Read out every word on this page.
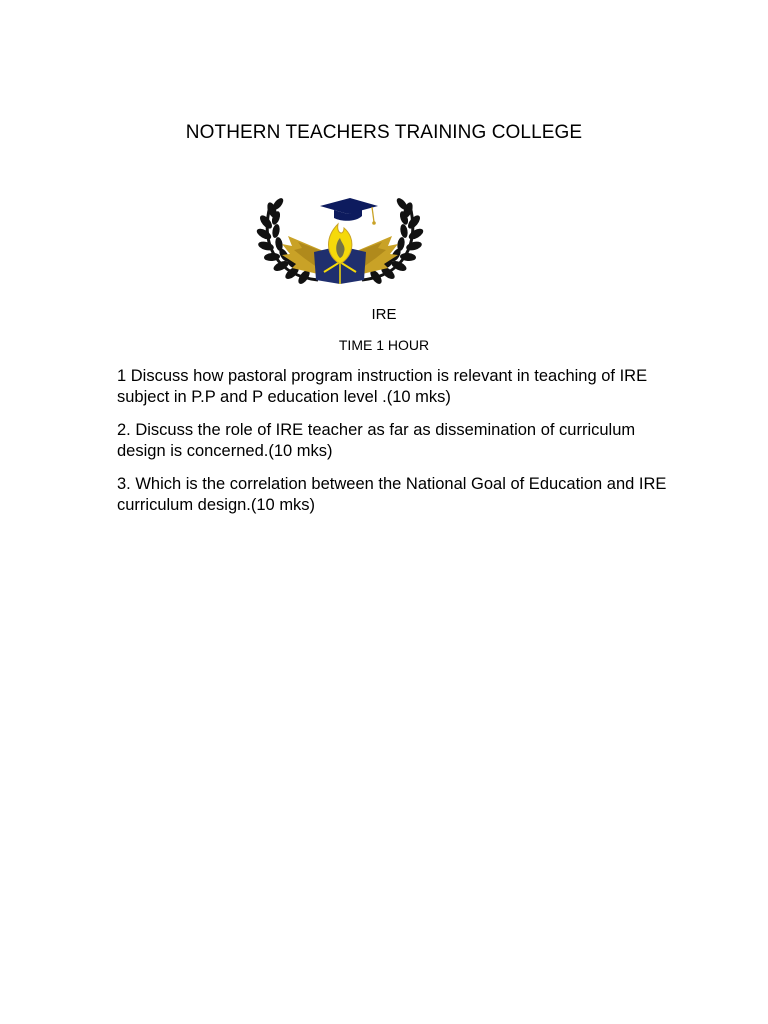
NOTHERN TEACHERS TRAINING COLLEGE
IRE
TIME 1 HOUR

1 Discuss how pastoral program instruction is relevant in teaching of IRE subject in P.P and P education level .(10 mks)

2. Discuss the role of IRE teacher as far as dissemination of curriculum design is concerned.(10 mks)

3. Which is the correlation between the National Goal of Education and IRE curriculum design.(10 mks)
